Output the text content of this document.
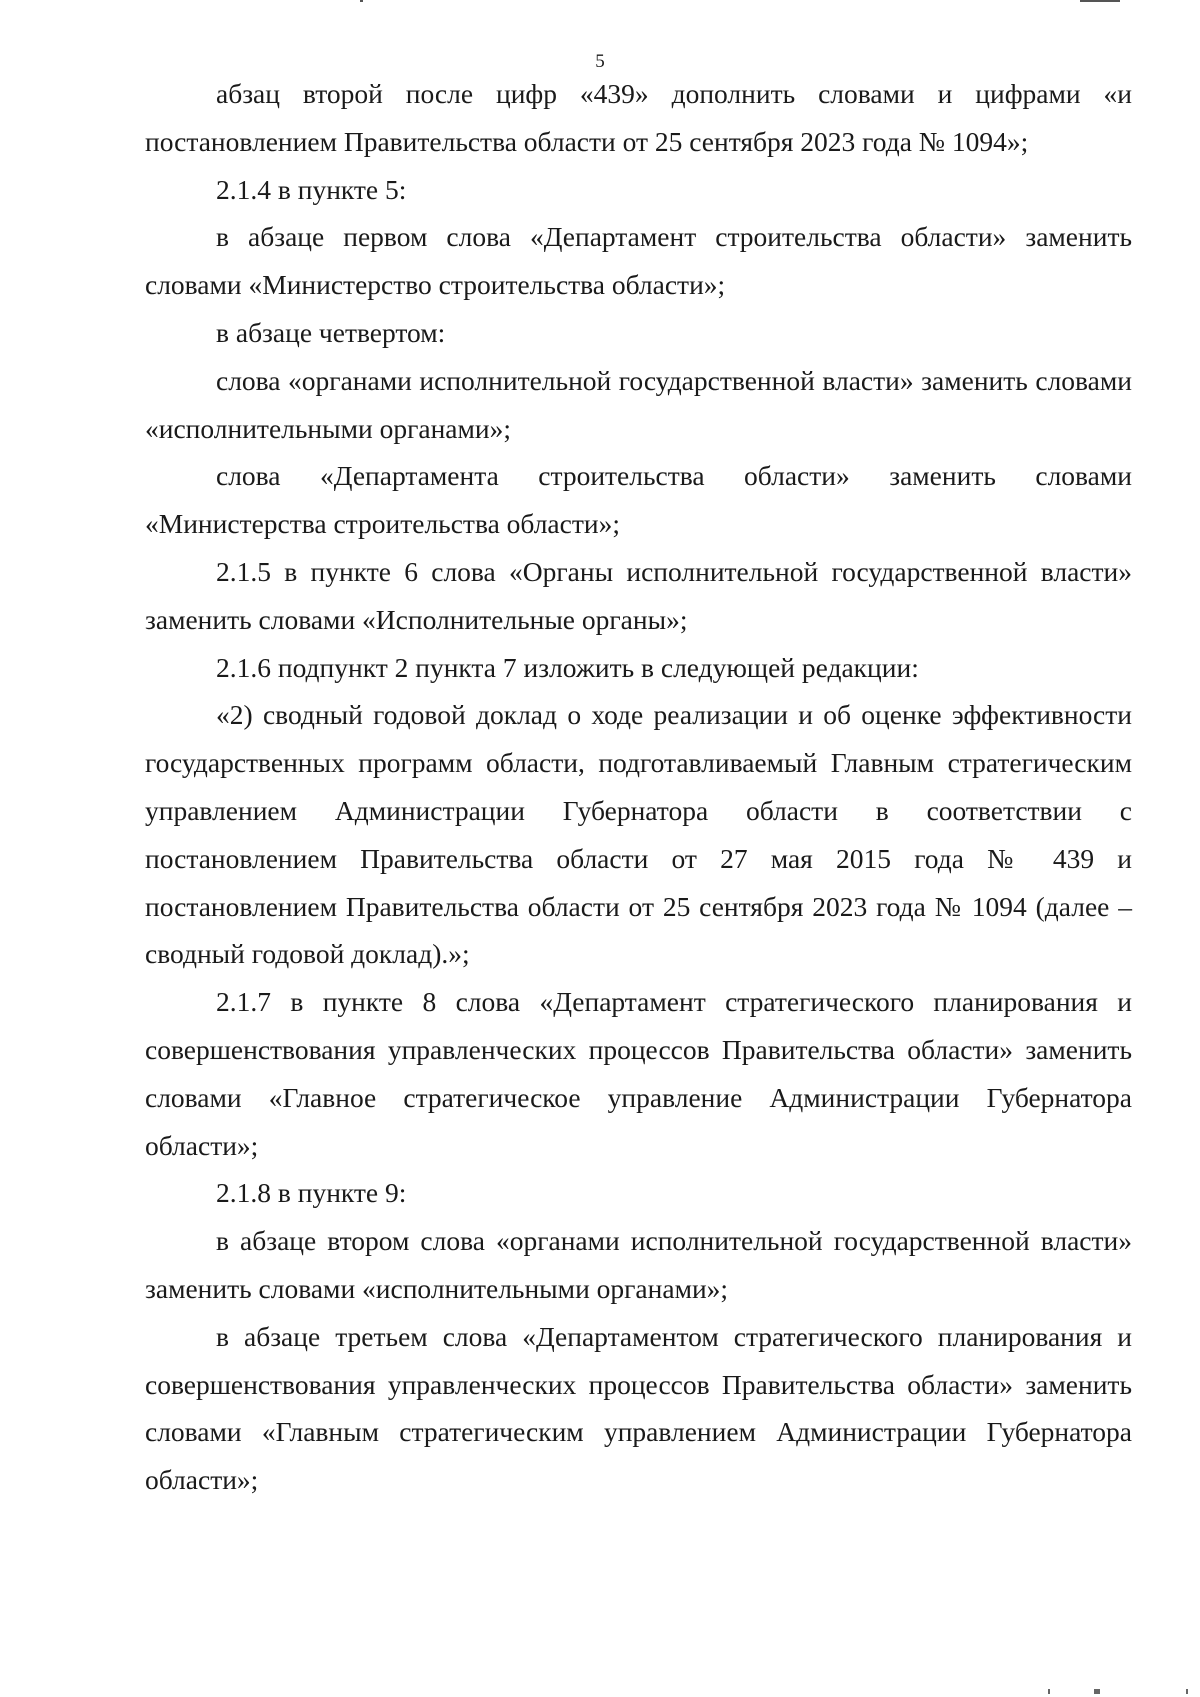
5

абзац второй после цифр «439» дополнить словами и цифрами «и постановлением Правительства области от 25 сентября 2023 года № 1094»;

2.1.4 в пункте 5:

в абзаце первом слова «Департамент строительства области» заменить словами «Министерство строительства области»;

в абзаце четвертом:

слова «органами исполнительной государственной власти» заменить словами «исполнительными органами»;

слова «Департамента строительства области» заменить словами «Министерства строительства области»;

2.1.5 в пункте 6 слова «Органы исполнительной государственной власти» заменить словами «Исполнительные органы»;

2.1.6 подпункт 2 пункта 7 изложить в следующей редакции:

«2) сводный годовой доклад о ходе реализации и об оценке эффективности государственных программ области, подготавливаемый Главным стратегическим управлением Администрации Губернатора области в соответствии с постановлением Правительства области от 27 мая 2015 года № 439 и постановлением Правительства области от 25 сентября 2023 года № 1094 (далее – сводный годовой доклад).»;

2.1.7 в пункте 8 слова «Департамент стратегического планирования и совершенствования управленческих процессов Правительства области» заменить словами «Главное стратегическое управление Администрации Губернатора области»;

2.1.8 в пункте 9:

в абзаце втором слова «органами исполнительной государственной власти» заменить словами «исполнительными органами»;

в абзаце третьем слова «Департаментом стратегического планирования и совершенствования управленческих процессов Правительства области» заменить словами «Главным стратегическим управлением Администрации Губернатора области»;
